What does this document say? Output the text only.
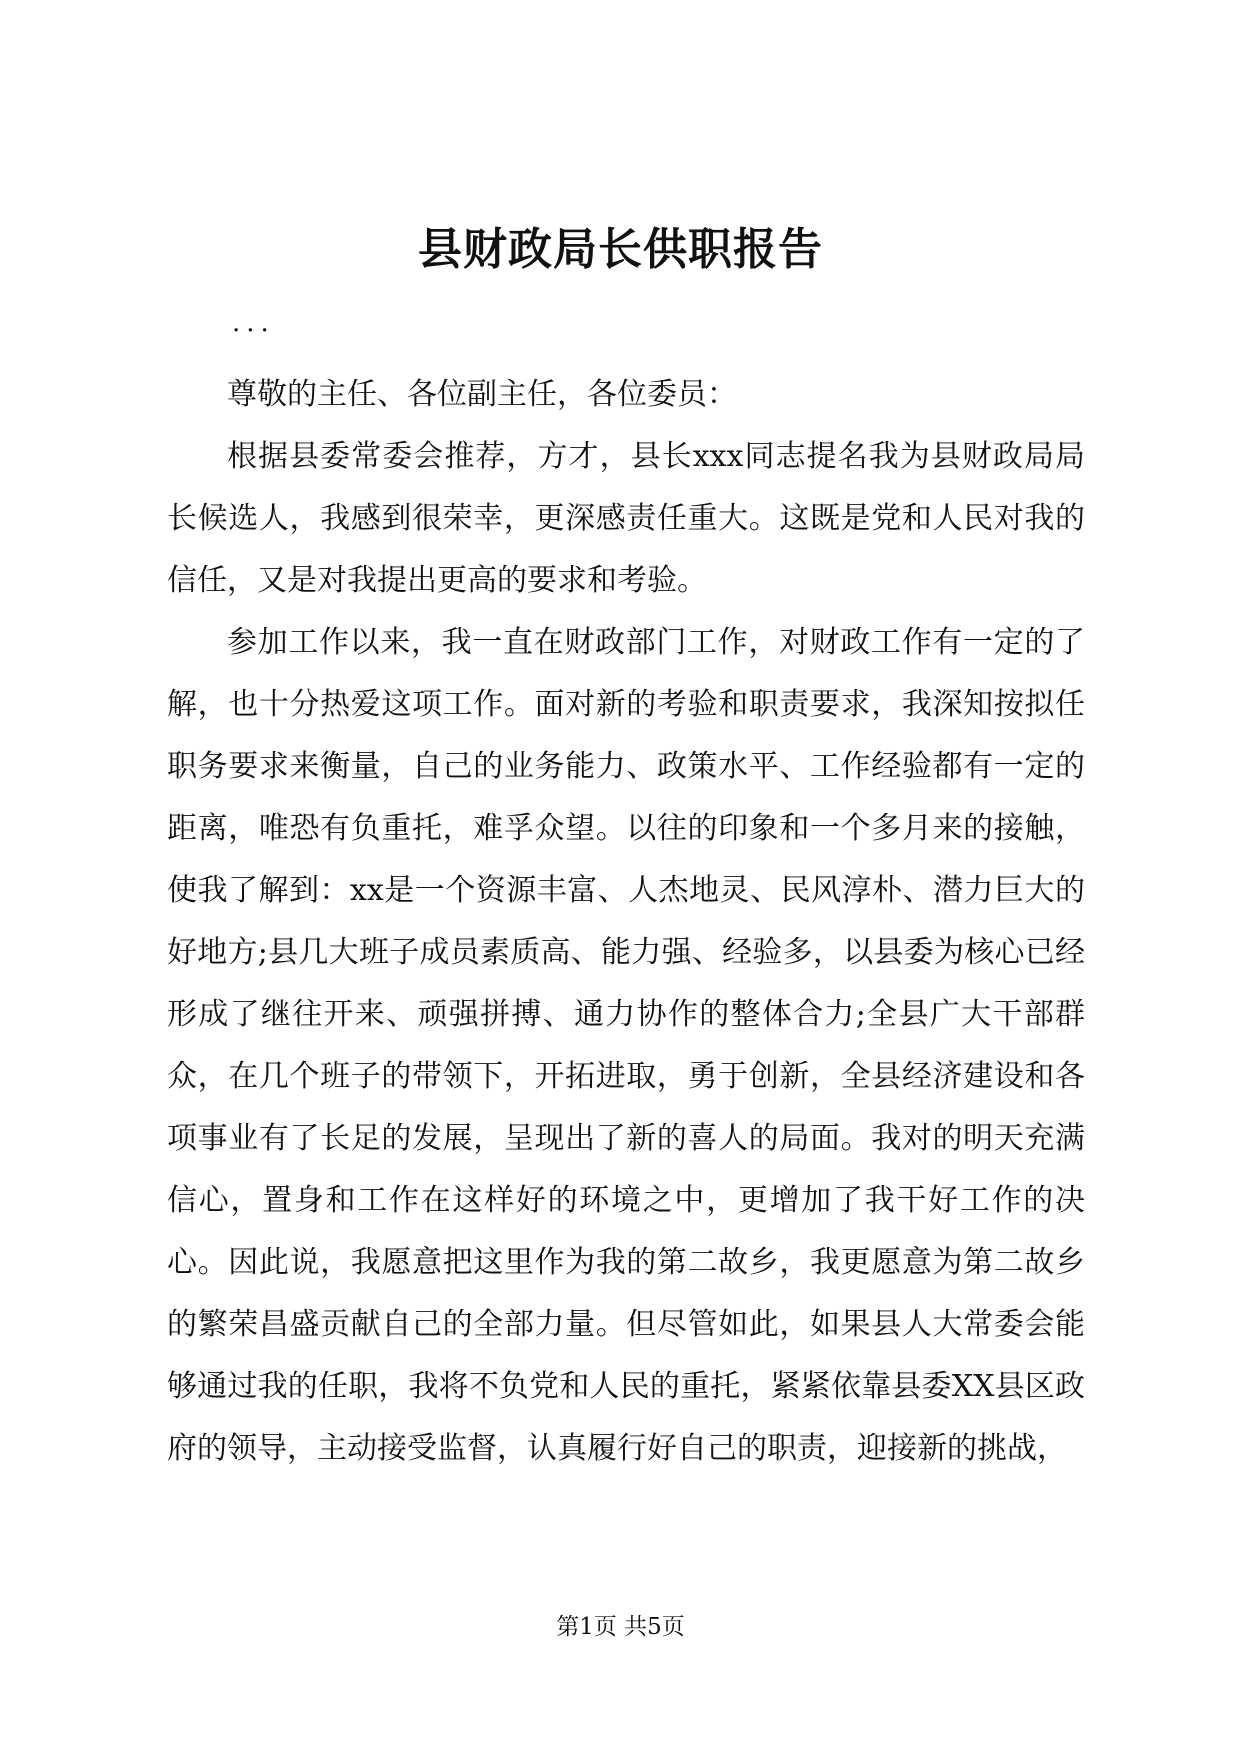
县财政局长供职报告
...

尊敬的主任、各位副主任，各位委员：

根据县委常委会推荐，方才，县长xxx同志提名我为县财政局局长候选人，我感到很荣幸，更深感责任重大。这既是党和人民对我的信任，又是对我提出更高的要求和考验。

参加工作以来，我一直在财政部门工作，对财政工作有一定的了解，也十分热爱这项工作。面对新的考验和职责要求，我深知按拟任职务要求来衡量，自己的业务能力、政策水平、工作经验都有一定的距离，唯恐有负重托，难孚众望。以往的印象和一个多月来的接触，使我了解到：xx是一个资源丰富、人杰地灵、民风淳朴、潜力巨大的好地方;县几大班子成员素质高、能力强、经验多，以县委为核心已经形成了继往开来、顽强拼搏、通力协作的整体合力;全县广大干部群众，在几个班子的带领下，开拓进取，勇于创新，全县经济建设和各项事业有了长足的发展，呈现出了新的喜人的局面。我对的明天充满信心，置身和工作在这样好的环境之中，更增加了我干好工作的决心。因此说，我愿意把这里作为我的第二故乡，我更愿意为第二故乡的繁荣昌盛贡献自己的全部力量。但尽管如此，如果县人大常委会能够通过我的任职，我将不负党和人民的重托，紧紧依靠县委XX县区政府的领导，主动接受监督，认真履行好自己的职责，迎接新的挑战，

第1页 共5页
